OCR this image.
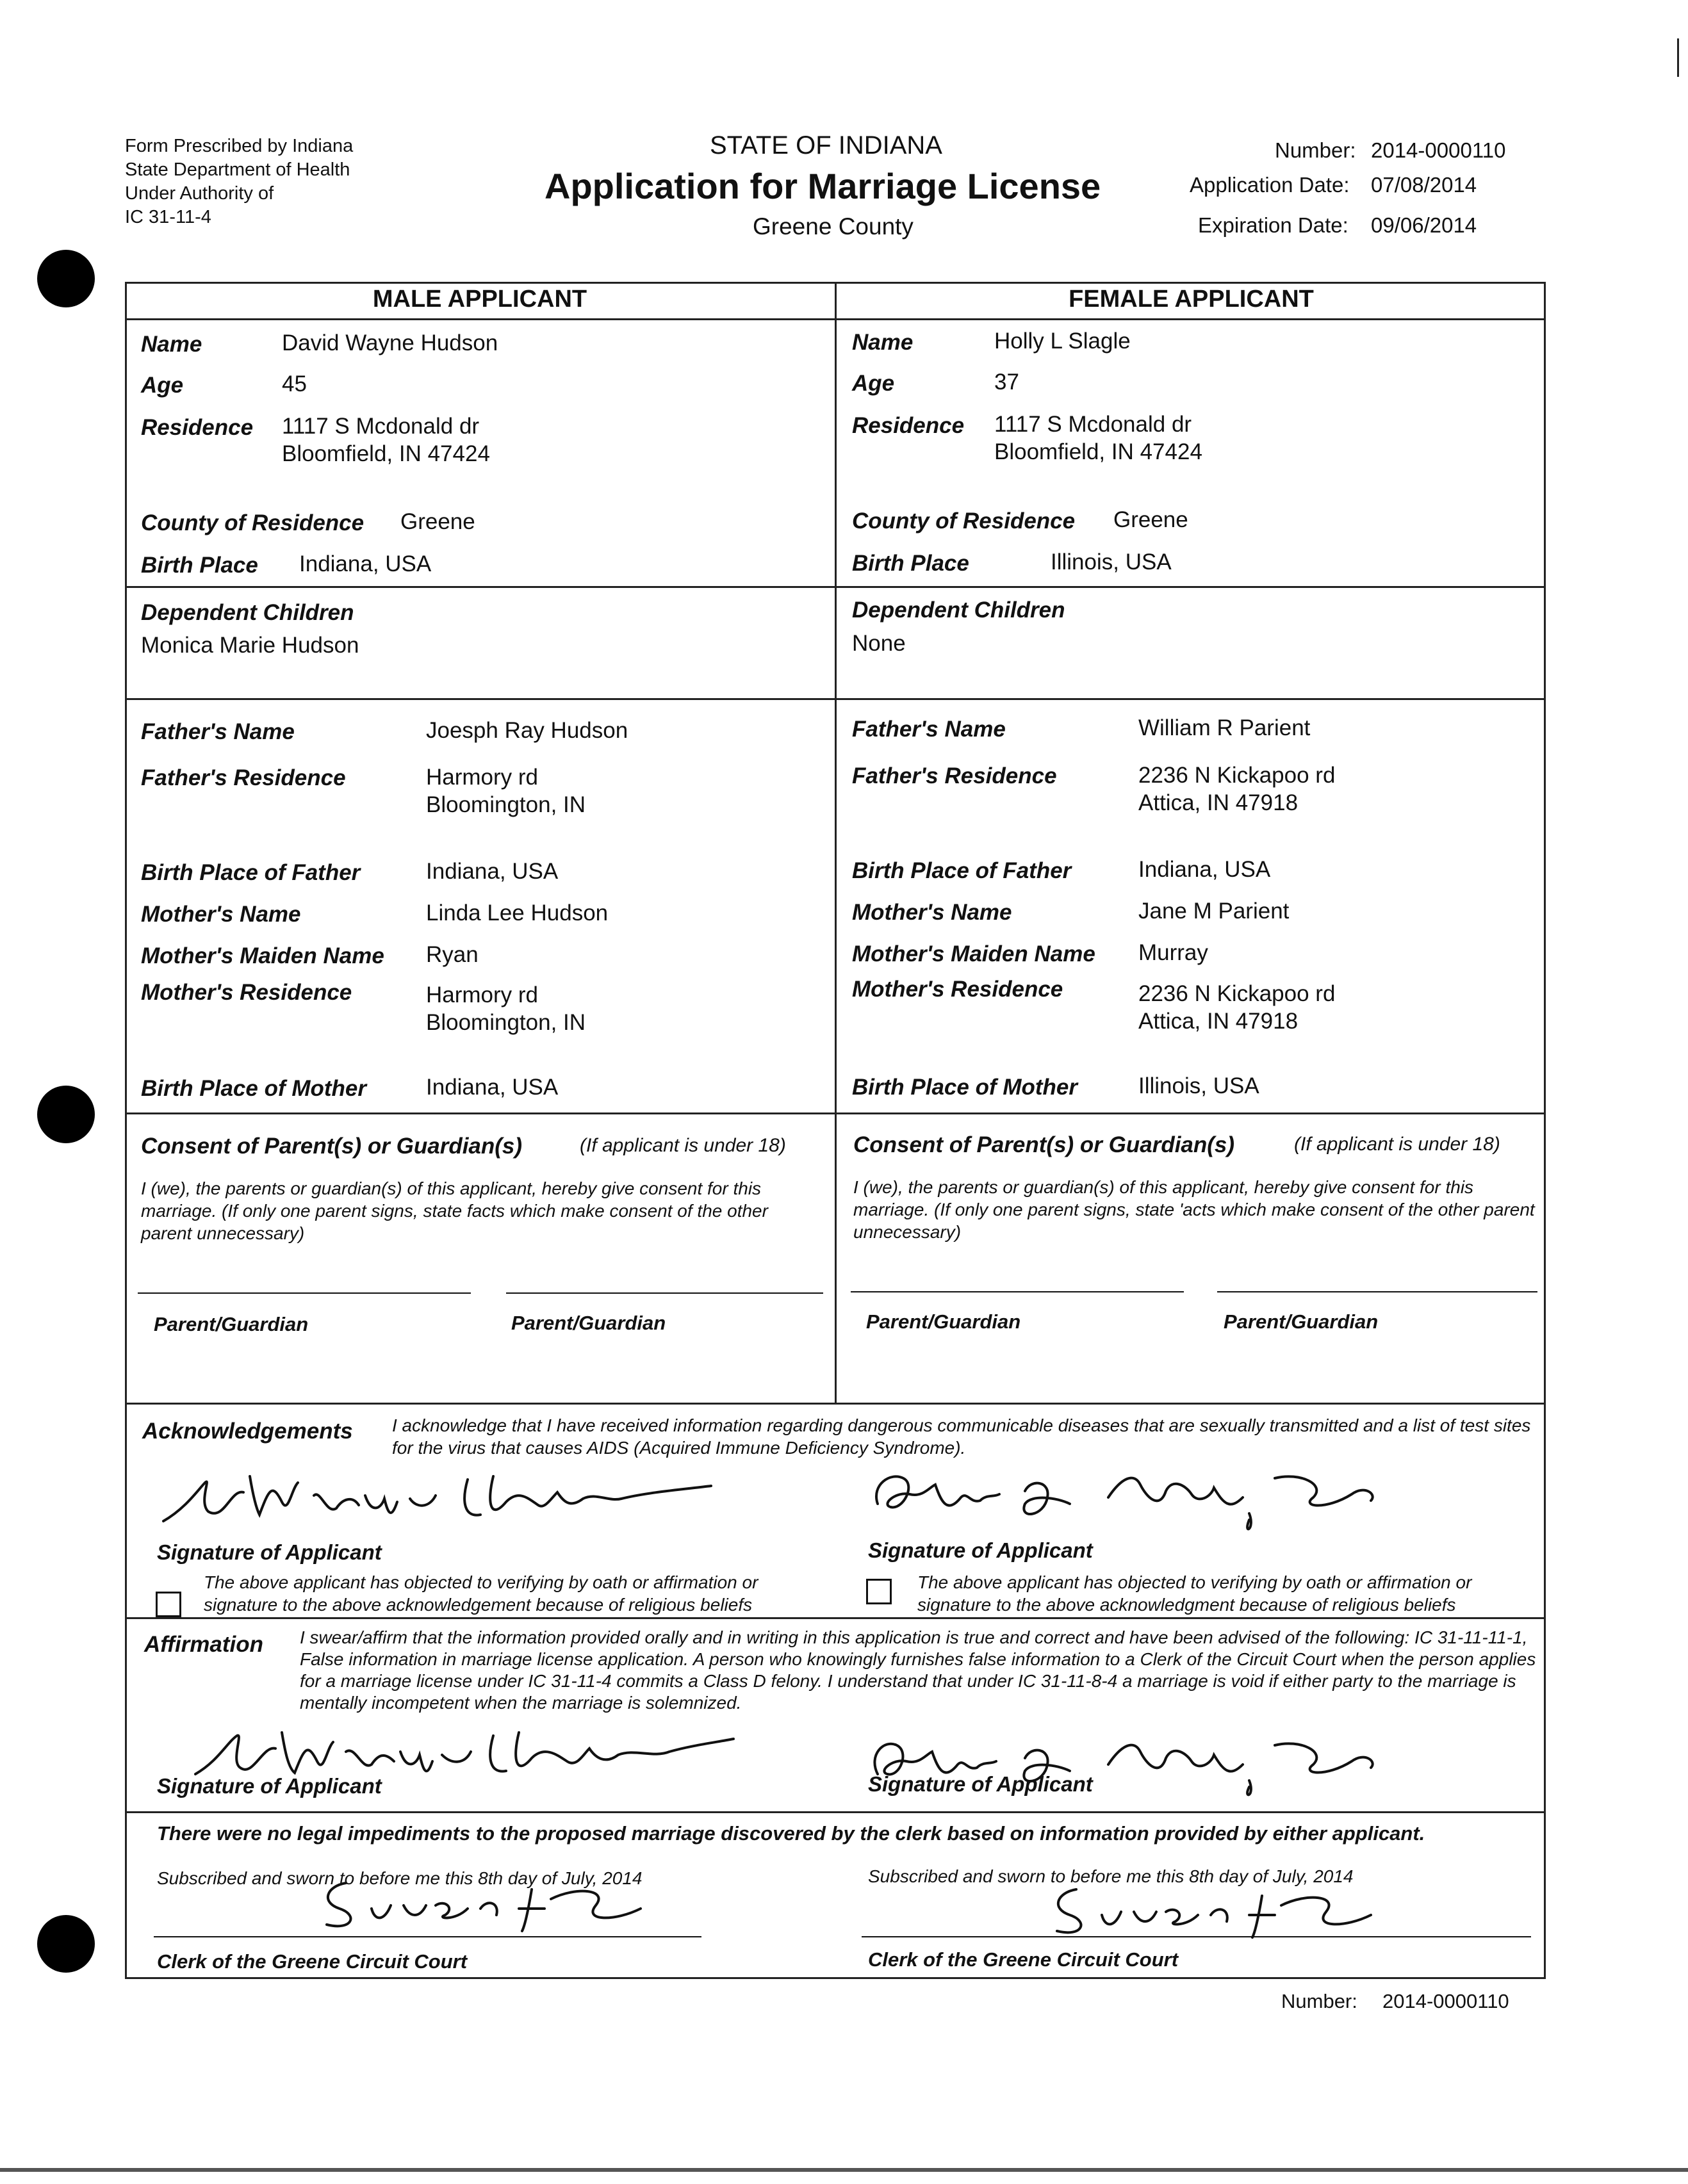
Form Prescribed by Indiana
State Department of Health
Under Authority of
IC 31-11-4
STATE OF INDIANA
Application for Marriage License
Greene County
Number: 2014-0000110
Application Date: 07/08/2014
Expiration Date: 09/06/2014
MALE APPLICANT	FEMALE APPLICANT
Name	David Wayne Hudson
Age	45
Residence 1117 S Mcdonald dr
Bloomfield, IN 47424
County of Residence Greene
Birth Place Indiana, USA
Dependent Children
Monica Marie Hudson
Father's Name	Joesph Ray Hudson
Father's Residence	Harmory rd
Bloomington, IN
Birth Place of Father	Indiana, USA
Mother's Name	Linda Lee Hudson
Mother's Maiden Name Ryan
Mother's Residence	Harmory rd
Bloomington, IN
Birth Place of Mother	Indiana, USA
Name	Holly L Slagle
Age	37
Residence 1117 S Mcdonald dr
Bloomfield, IN 47424
County of Residence Greene
Birth Place	Illinois, USA
Dependent Children
None
Father's Name	William R Parient
Father's Residence	2236 N Kickapoo rd
Attica, IN 47918
Birth Place of Father	Indiana, USA
Mother's Name	Jane M Parient
Mother's Maiden Name Murray
Mother's Residence	2236 N Kickapoo rd
Attica, IN 47918
Birth Place of Mother	Illinois, USA
Consent of Parent(s) or Guardian(s)	(If applicant is under 18)
I (we), the parents or guardian(s) of this applicant, hereby give consent for this marriage. (If only one parent signs, state facts which make consent of the other parent unnecessary)
Parent/Guardian	Parent/Guardian
Consent of Parent(s) or Guardian(s)	(If applicant is under 18)
I (we), the parents or guardian(s) of this applicant, hereby give consent for this marriage. (If only one parent signs, state 'acts which make consent of the other parent unnecessary)
Parent/Guardian	Parent/Guardian
Acknowledgements I acknowledge that I have received information regarding dangerous communicable diseases that are sexually transmitted and a list of test sites for the virus that causes AIDS (Acquired Immune Deficiency Syndrome).
Signature of Applicant	Signature of Applicant
The above applicant has objected to verifying by oath or affirmation or signature to the above acknowledgement because of religious beliefs
The above applicant has objected to verifying by oath or affirmation or signature to the above acknowledgment because of religious beliefs
Affirmation I swear/affirm that the information provided orally and in writing in this application is true and correct and have been advised of the following: IC 31-11-11-1, False information in marriage license application. A person who knowingly furnishes false information to a Clerk of the Circuit Court when the person applies for a marriage license under IC 31-11-4 commits a Class D felony. I understand that under IC 31-11-8-4 a marriage is void if either party to the marriage is mentally incompetent when the marriage is solemnized.
Signature of Applicant	Signature of Applicant
There were no legal impediments to the proposed marriage discovered by the clerk based on information provided by either applicant.
Subscribed and sworn to before me this 8th day of July, 2014	Subscribed and sworn to before me this 8th day of July, 2014
Clerk of the Greene Circuit Court	Clerk of the Greene Circuit Court
Number: 2014-0000110
